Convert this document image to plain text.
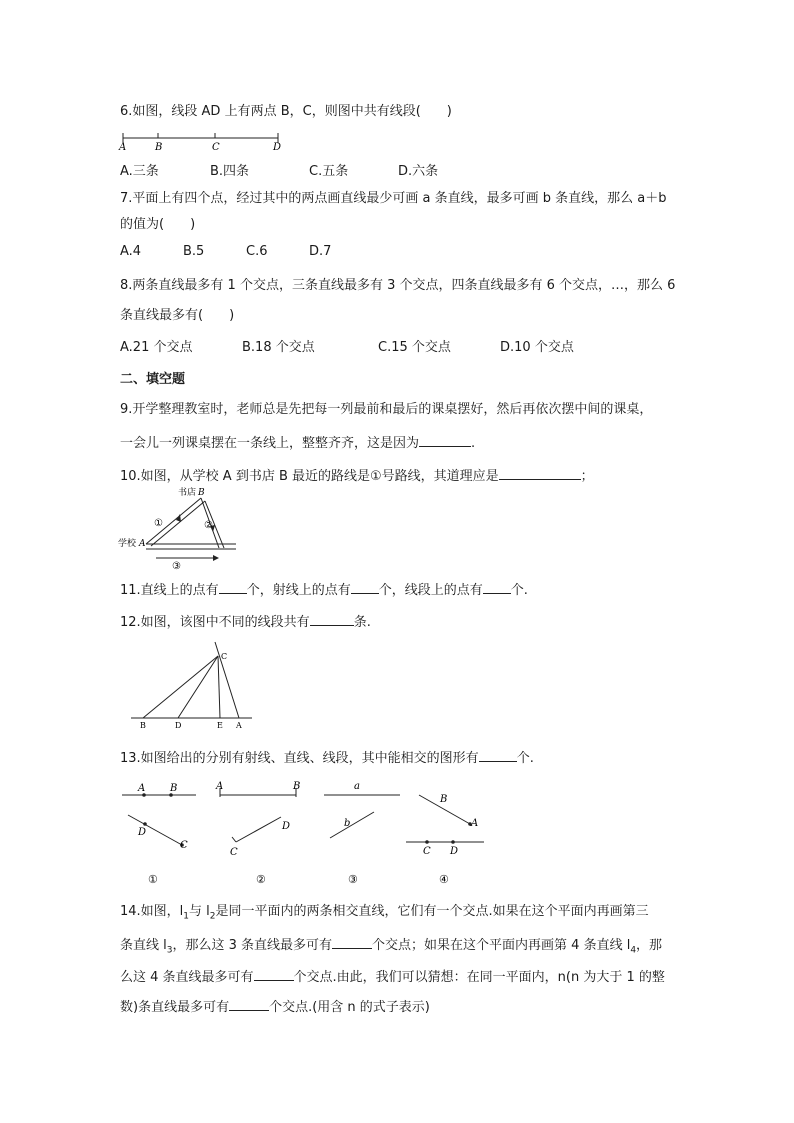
6.如图，线段 AD 上有两点 B，C，则图中共有线段(　　)
A	B	C	D
A.三条	B.四条	C.五条	D.六条
7.平面上有四个点，经过其中的两点画直线最少可画 a 条直线，最多可画 b 条直线，那么 a＋b
的值为(　　)
A.4	B.5	C.6	D.7
8.两条直线最多有 1 个交点，三条直线最多有 3 个交点，四条直线最多有 6 个交点，…，那么 6
条直线最多有(　　)
A.21 个交点	B.18 个交点	C.15 个交点	D.10 个交点
二、填空题
9.开学整理教室时，老师总是先把每一列最前和最后的课桌摆好，然后再依次摆中间的课桌，
一会儿一列课桌摆在一条线上，整整齐齐，这是因为	.
10.如图，从学校 A 到书店 B 最近的路线是①号路线，其道理应是	；
书店 B
学校 A
①	②
③
11.直线上的点有 个，射线上的点有 个，线段上的点有 个.
12.如图，该图中不同的线段共有	条.
C
B	D	E A
13.如图给出的分别有射线、直线、线段，其中能相交的图形有	个.
A B
D
C
A	B
D
C
a
b
B
A
C D
①	②	③	④
14.如图，$l_1$与 $l_2$是同一平面内的两条相交直线，它们有一个交点.如果在这个平面内再画第三
条直线 $l_3$，那么这 3 条直线最多可有	个交点；如果在这个平面内再画第 4 条直线 $l_4$，那
么这 4 条直线最多可有	个交点.由此，我们可以猜想：在同一平面内，n(n 为大于 1 的整
数)条直线最多可有	个交点.(用含 n 的式子表示)
